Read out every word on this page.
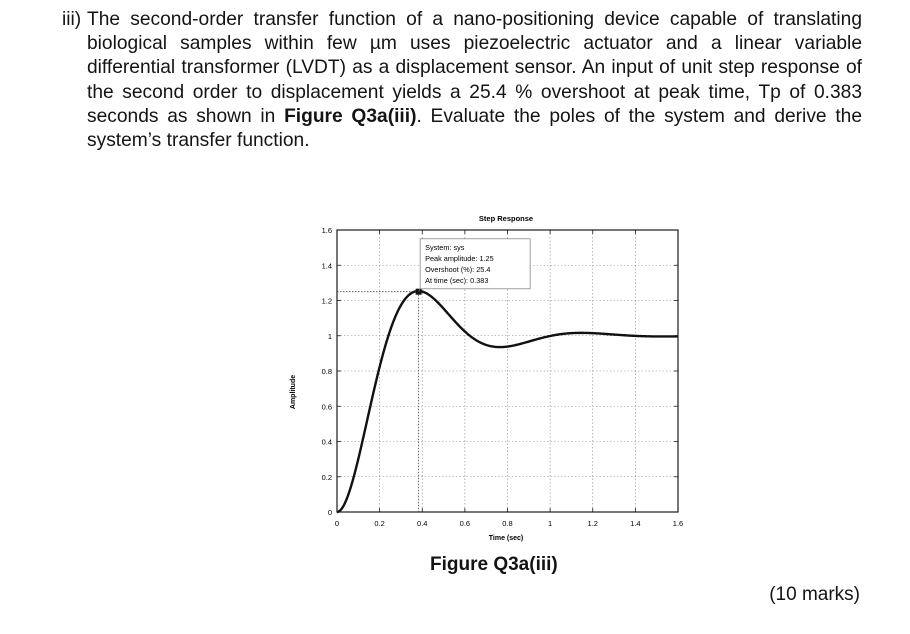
iii) The second-order transfer function of a nano-positioning device capable of translating biological samples within few µm uses piezoelectric actuator and a linear variable differential transformer (LVDT) as a displacement sensor. An input of unit step response of the second order to displacement yields a 25.4 % overshoot at peak time, Tp of 0.383 seconds as shown in Figure Q3a(iii). Evaluate the poles of the system and derive the system’s transfer function.
0	0.2	0.4	0.6	0.8	1	1.2	1.4	1.6
0
0.2
0.4
0.6
0.8
1
1.2
1.4
1.6
Step Response
Time (sec)
Amplitude
System: sys
Peak amplitude: 1.25
Overshoot (%): 25.4
At time (sec): 0.383
Figure Q3a(iii)
(10 marks)
